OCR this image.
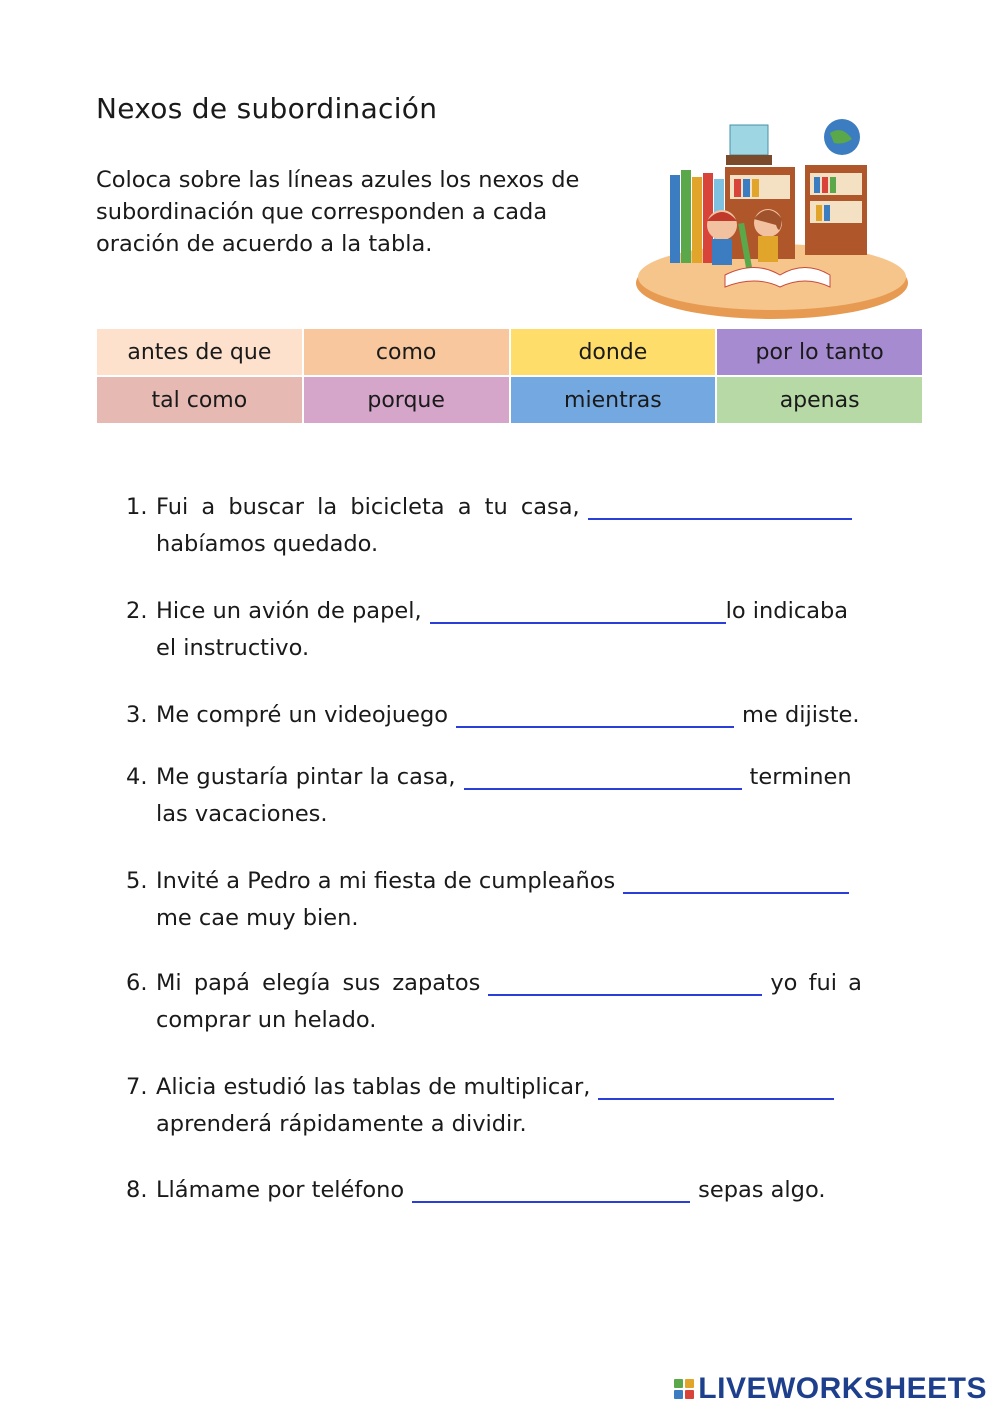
Nexos de subordinación
Coloca sobre las líneas azules los nexos de subordinación que corresponden a cada oración de acuerdo a la tabla.
antes de que	como	donde	por lo tanto
tal como	porque	mientras	apenas
1. Fui a buscar la bicicleta a tu casa,
habíamos quedado.
2. Hice un avión de papel,	lo indicaba
el instructivo.
3. Me compré un videojuego	me dijiste.
4. Me gustaría pintar la casa,	terminen
las vacaciones.
5. Invité a Pedro a mi fiesta de cumpleaños
me cae muy bien.
6. Mi papá elegía sus zapatos	yo fui a
comprar un helado.
7. Alicia estudió las tablas de multiplicar,
aprenderá rápidamente a dividir.
8. Llámame por teléfono	sepas algo.
LIVEWORKSHEETS
